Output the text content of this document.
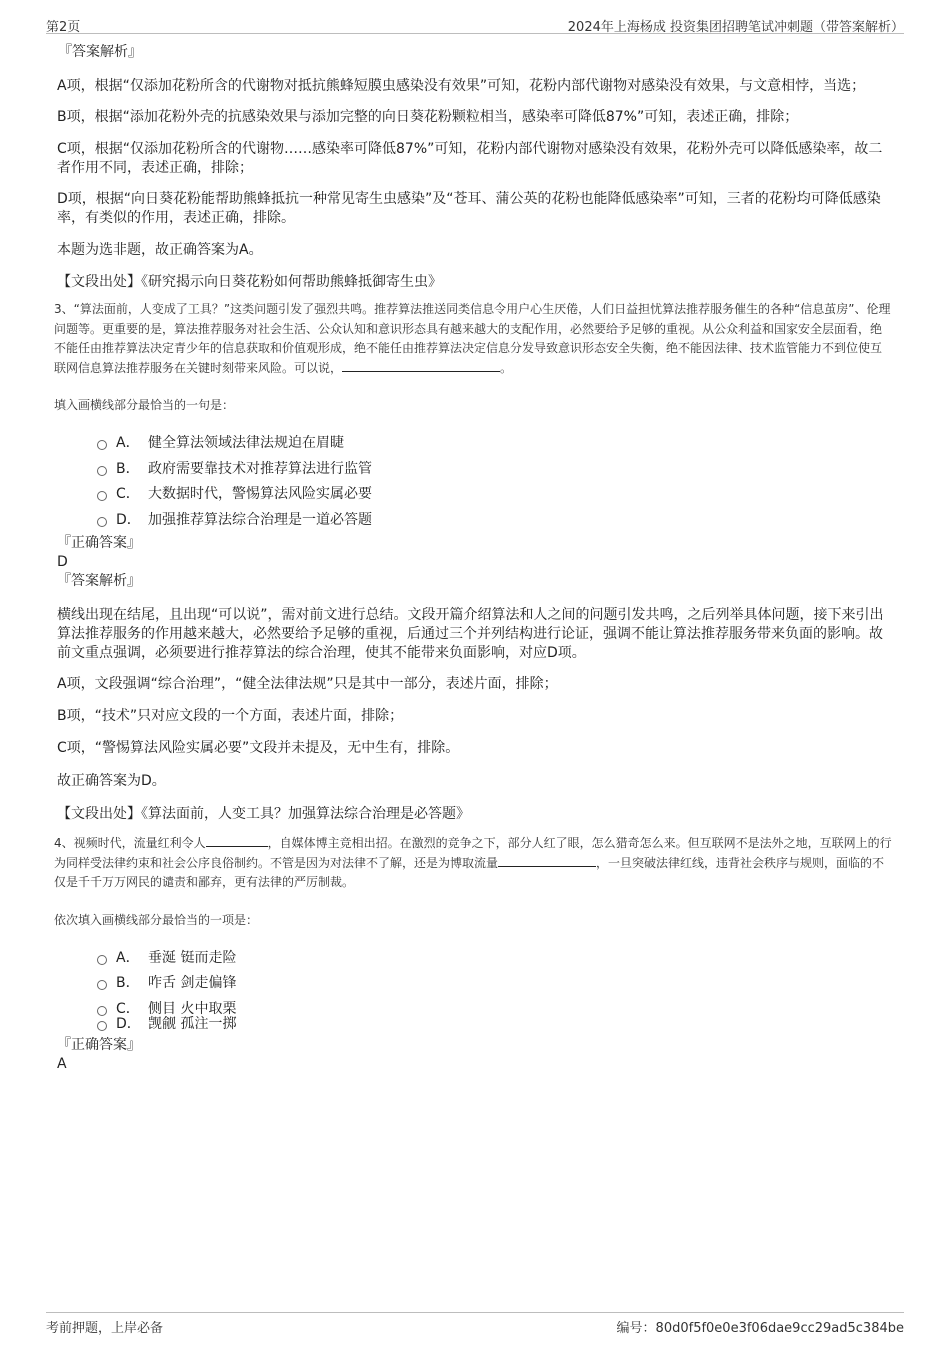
第2页	2024年上海杨成 投资集团招聘笔试冲刺题（带答案解析）
『答案解析』
A项，根据“仅添加花粉所含的代谢物对抵抗熊蜂短膜虫感染没有效果”可知，花粉内部代谢物对感染没有效果，与文意相悖，当选；
B项，根据“添加花粉外壳的抗感染效果与添加完整的向日葵花粉颗粒相当，感染率可降低87%”可知，表述正确，排除；
C项，根据“仅添加花粉所含的代谢物……感染率可降低87%”可知，花粉内部代谢物对感染没有效果，花粉外壳可以降低感染率，故二者作用不同，表述正确，排除；
D项，根据“向日葵花粉能帮助熊蜂抵抗一种常见寄生虫感染”及“苍耳、蒲公英的花粉也能降低感染率”可知，三者的花粉均可降低感染率，有类似的作用，表述正确，排除。
本题为选非题，故正确答案为A。
【文段出处】《研究揭示向日葵花粉如何帮助熊蜂抵御寄生虫》
3、“算法面前，人变成了工具？”这类问题引发了强烈共鸣。推荐算法推送同类信息令用户心生厌倦，人们日益担忧算法推荐服务催生的各种“信息茧房”、伦理问题等。更重要的是，算法推荐服务对社会生活、公众认知和意识形态具有越来越大的支配作用，必然要给予足够的重视。从公众利益和国家安全层面看，绝不能任由推荐算法决定青少年的信息获取和价值观形成，绝不能任由推荐算法决定信息分发导致意识形态安全失衡，绝不能因法律、技术监管能力不到位使互联网信息算法推荐服务在关键时刻带来风险。可以说，	。
填入画横线部分最恰当的一句是：
A． 健全算法领域法律法规迫在眉睫
B． 政府需要靠技术对推荐算法进行监管
C． 大数据时代，警惕算法风险实属必要
D． 加强推荐算法综合治理是一道必答题
『正确答案』
D
『答案解析』
横线出现在结尾，且出现“可以说”，需对前文进行总结。文段开篇介绍算法和人之间的问题引发共鸣，之后列举具体问题，接下来引出算法推荐服务的作用越来越大，必然要给予足够的重视，后通过三个并列结构进行论证，强调不能让算法推荐服务带来负面的影响。故前文重点强调，必须要进行推荐算法的综合治理，使其不能带来负面影响，对应D项。
A项，文段强调“综合治理”，“健全法律法规”只是其中一部分，表述片面，排除；
B项，“技术”只对应文段的一个方面，表述片面，排除；
C项，“警惕算法风险实属必要”文段并未提及，无中生有，排除。
故正确答案为D。
【文段出处】《算法面前，人变工具？加强算法综合治理是必答题》
4、视频时代，流量红利令人	，自媒体博主竞相出招。在激烈的竞争之下，部分人红了眼，怎么猎奇怎么来。但互联网不是法外之地，互联网上的行为同样受法律约束和社会公序良俗制约。不管是因为对法律不了解，还是为博取流量	，一旦突破法律红线，违背社会秩序与规则，面临的不仅是千千万万网民的谴责和鄙弃，更有法律的严厉制裁。
依次填入画横线部分最恰当的一项是：
A． 垂涎 铤而走险
B． 咋舌 剑走偏锋
C． 侧目 火中取栗
D． 觊觎 孤注一掷
『正确答案』
A
考前押题，上岸必备	编号：80d0f5f0e0e3f06dae9cc29ad5c384be
